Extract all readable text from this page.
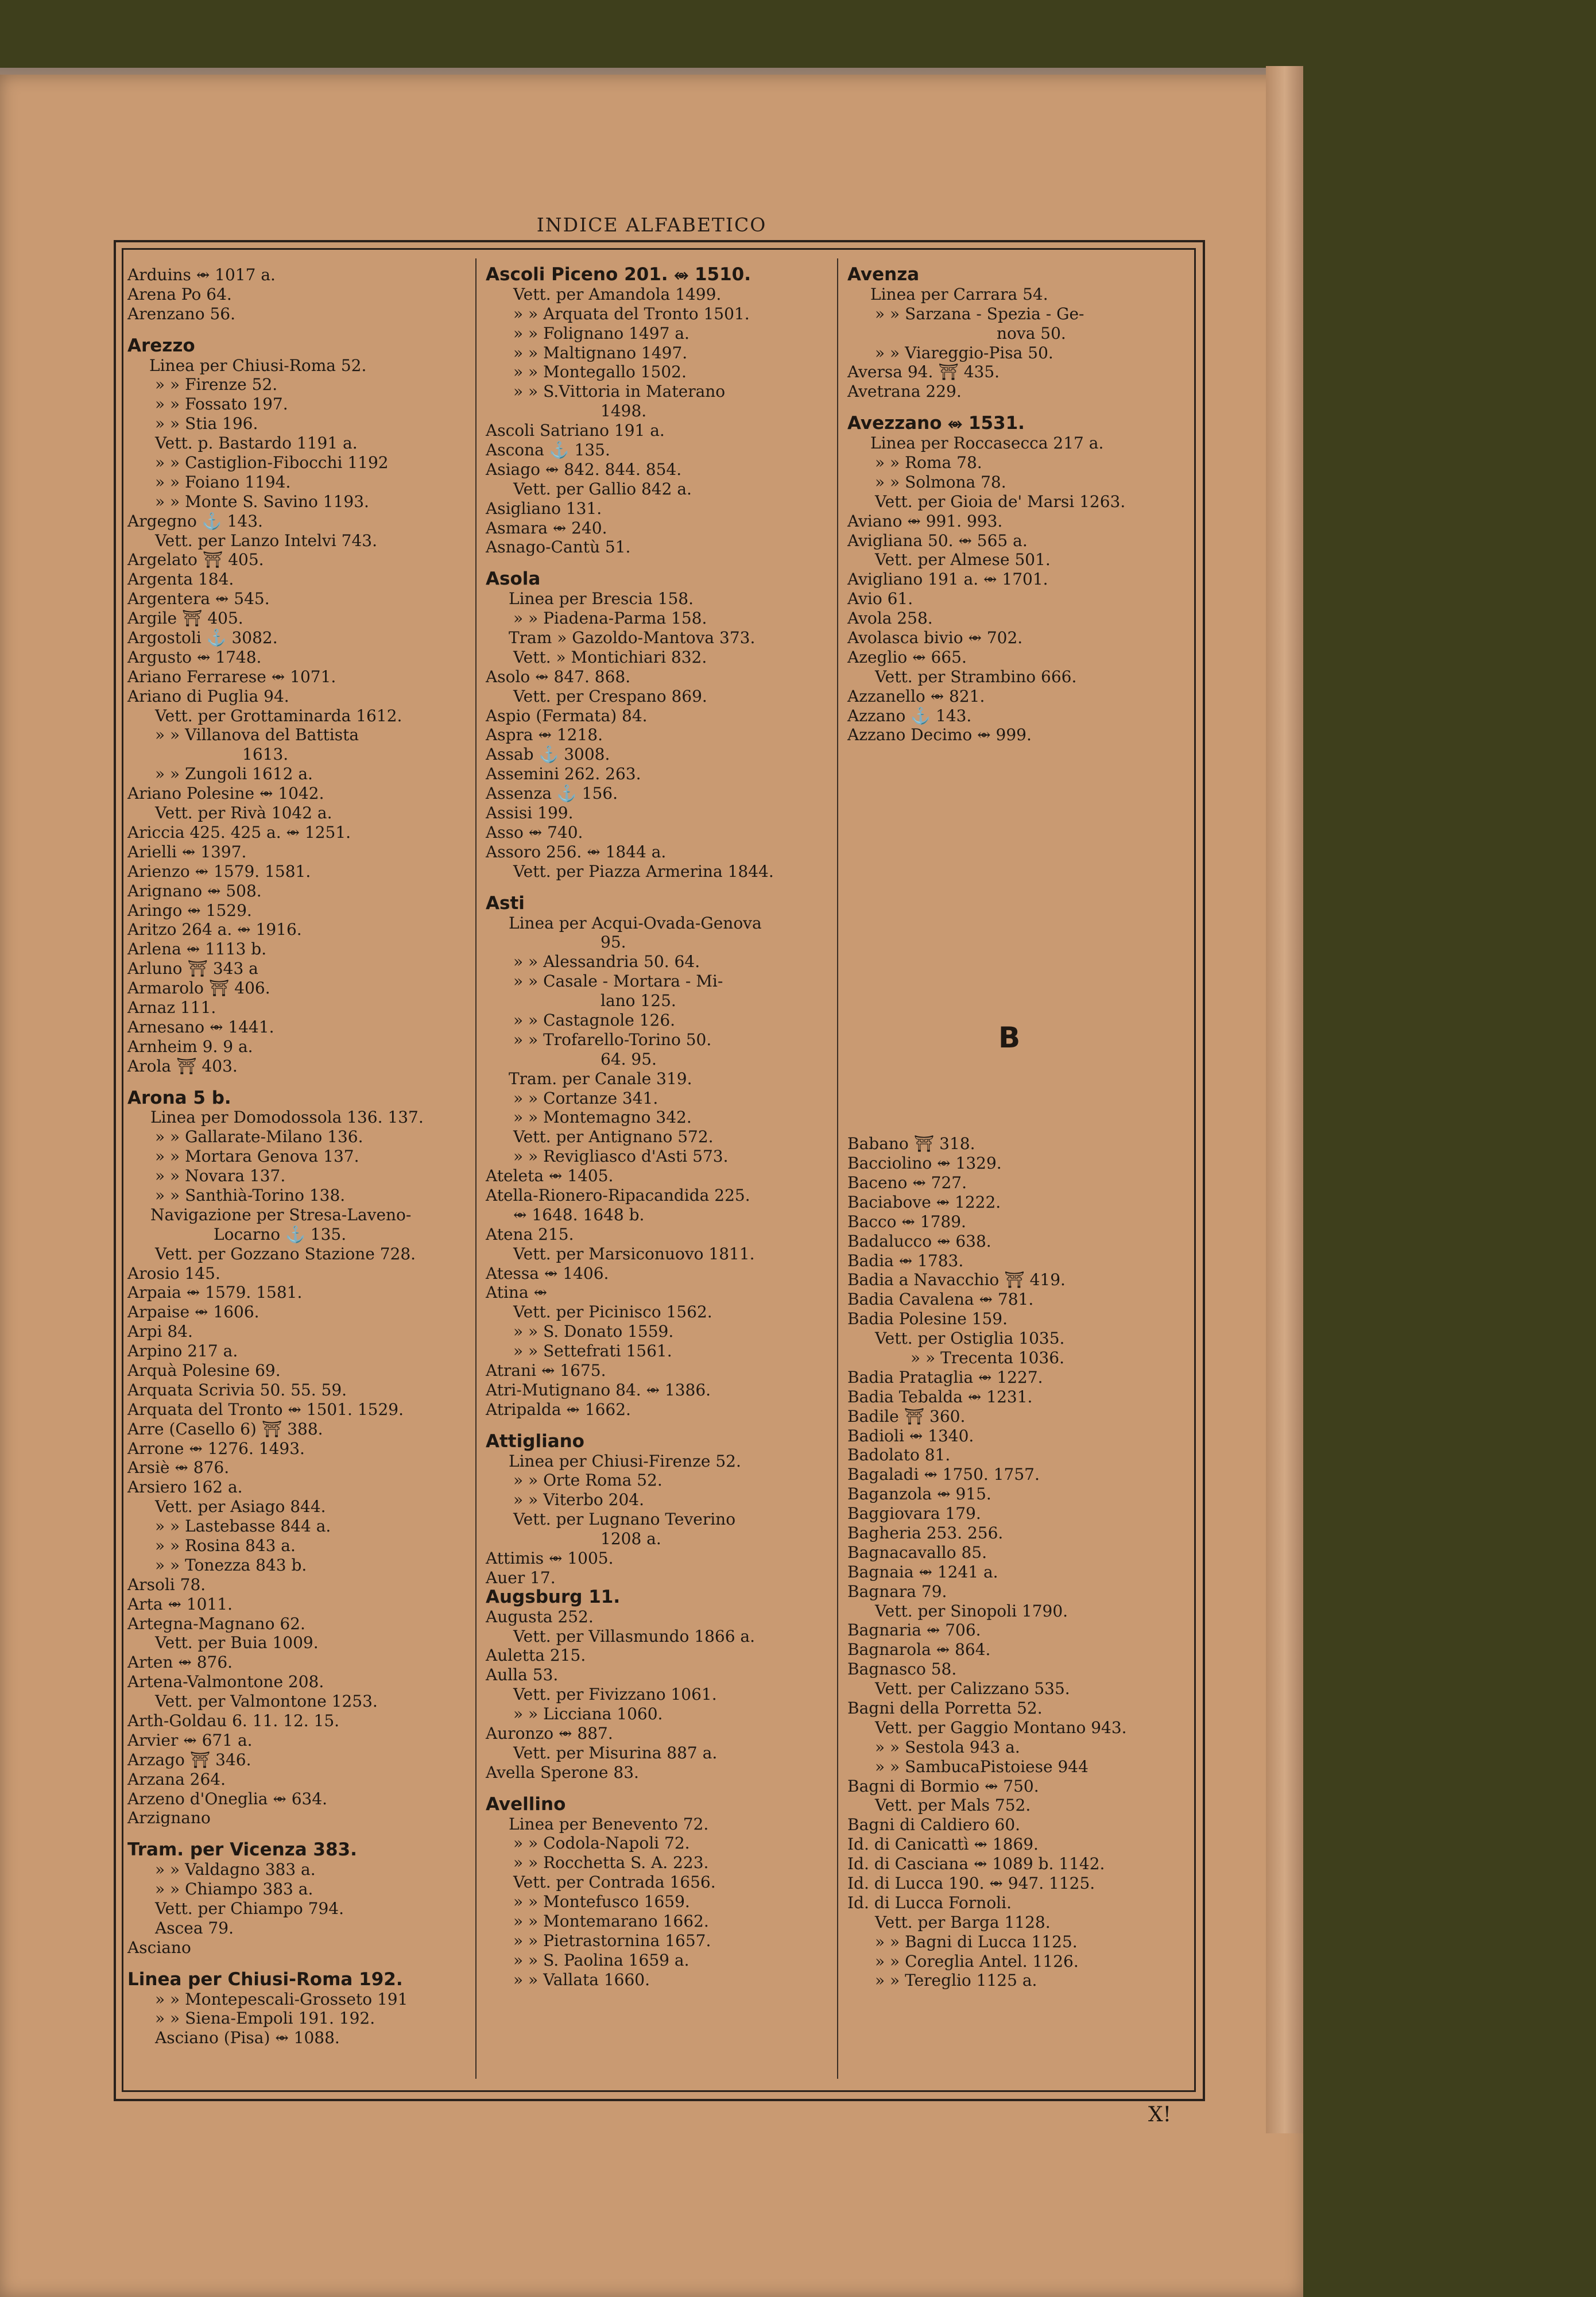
INDICE ALFABETICO
Arduins ⥈ 1017 a.
Arena Po 64.
Arenzano 56.
Arezzo
Linea per Chiusi-Roma 52.
» » Firenze 52.
» » Fossato 197.
» » Stia 196.
Vett. p. Bastardo 1191 a.
» » Castiglion-Fibocchi 1192
» » Foiano 1194.
» » Monte S. Savino 1193.
Argegno ⚓ 143.
Vett. per Lanzo Intelvi 743.
Argelato ⛩ 405.
Argenta 184.
Argentera ⥈ 545.
Argile ⛩ 405.
Argostoli ⚓ 3082.
Argusto ⥈ 1748.
Ariano Ferrarese ⥈ 1071.
Ariano di Puglia 94.
Vett. per Grottaminarda 1612.
» » Villanova del Battista
1613.
» » Zungoli 1612 a.
Ariano Polesine ⥈ 1042.
Vett. per Rivà 1042 a.
Ariccia 425. 425 a. ⥈ 1251.
Arielli ⥈ 1397.
Arienzo ⥈ 1579. 1581.
Arignano ⥈ 508.
Aringo ⥈ 1529.
Aritzo 264 a. ⥈ 1916.
Arlena ⥈ 1113 b.
Arluno ⛩ 343 a
Armarolo ⛩ 406.
Arnaz 111.
Arnesano ⥈ 1441.
Arnheim 9. 9 a.
Arola ⛩ 403.
Arona 5 b.
Linea per Domodossola 136. 137.
» » Gallarate-Milano 136.
» » Mortara Genova 137.
» » Novara 137.
» » Santhià-Torino 138.
Navigazione per Stresa-Laveno-
Locarno ⚓ 135.
Vett. per Gozzano Stazione 728.
Arosio 145.
Arpaia ⥈ 1579. 1581.
Arpaise ⥈ 1606.
Arpi 84.
Arpino 217 a.
Arquà Polesine 69.
Arquata Scrivia 50. 55. 59.
Arquata del Tronto ⥈ 1501. 1529.
Arre (Casello 6) ⛩ 388.
Arrone ⥈ 1276. 1493.
Arsiè ⥈ 876.
Arsiero 162 a.
Vett. per Asiago 844.
» » Lastebasse 844 a.
» » Rosina 843 a.
» » Tonezza 843 b.
Arsoli 78.
Arta ⥈ 1011.
Artegna-Magnano 62.
Vett. per Buia 1009.
Arten ⥈ 876.
Artena-Valmontone 208.
Vett. per Valmontone 1253.
Arth-Goldau 6. 11. 12. 15.
Arvier ⥈ 671 a.
Arzago ⛩ 346.
Arzana 264.
Arzeno d'Oneglia ⥈ 634.
Arzignano
Tram. per Vicenza 383.
» » Valdagno 383 a.
» » Chiampo 383 a.
Vett. per Chiampo 794.
Ascea 79.
Asciano
Linea per Chiusi-Roma 192.
» » Montepescali-Grosseto 191
» » Siena-Empoli 191. 192.
Asciano (Pisa) ⥈ 1088.
Ascoli Piceno 201. ⥈ 1510.
Vett. per Amandola 1499.
» » Arquata del Tronto 1501.
» » Folignano 1497 a.
» » Maltignano 1497.
» » Montegallo 1502.
» » S.Vittoria in Materano
1498.
Ascoli Satriano 191 a.
Ascona ⚓ 135.
Asiago ⥈ 842. 844. 854.
Vett. per Gallio 842 a.
Asigliano 131.
Asmara ⥈ 240.
Asnago-Cantù 51.
Asola
Linea per Brescia 158.
» » Piadena-Parma 158.
Tram » Gazoldo-Mantova 373.
Vett. » Montichiari 832.
Asolo ⥈ 847. 868.
Vett. per Crespano 869.
Aspio (Fermata) 84.
Aspra ⥈ 1218.
Assab ⚓ 3008.
Assemini 262. 263.
Assenza ⚓ 156.
Assisi 199.
Asso ⥈ 740.
Assoro 256. ⥈ 1844 a.
Vett. per Piazza Armerina 1844.
Asti
Linea per Acqui-Ovada-Genova
95.
» » Alessandria 50. 64.
» » Casale - Mortara - Mi-
lano 125.
» » Castagnole 126.
» » Trofarello-Torino 50.
64. 95.
Tram. per Canale 319.
» » Cortanze 341.
» » Montemagno 342.
Vett. per Antignano 572.
» » Revigliasco d'Asti 573.
Ateleta ⥈ 1405.
Atella-Rionero-Ripacandida 225.
⥈ 1648. 1648 b.
Atena 215.
Vett. per Marsiconuovo 1811.
Atessa ⥈ 1406.
Atina ⥈
Vett. per Picinisco 1562.
» » S. Donato 1559.
» » Settefrati 1561.
Atrani ⥈ 1675.
Atri-Mutignano 84. ⥈ 1386.
Atripalda ⥈ 1662.
Attigliano
Linea per Chiusi-Firenze 52.
» » Orte Roma 52.
» » Viterbo 204.
Vett. per Lugnano Teverino
1208 a.
Attimis ⥈ 1005.
Auer 17.
Augsburg 11.
Augusta 252.
Vett. per Villasmundo 1866 a.
Auletta 215.
Aulla 53.
Vett. per Fivizzano 1061.
» » Licciana 1060.
Auronzo ⥈ 887.
Vett. per Misurina 887 a.
Avella Sperone 83.
Avellino
Linea per Benevento 72.
» » Codola-Napoli 72.
» » Rocchetta S. A. 223.
Vett. per Contrada 1656.
» » Montefusco 1659.
» » Montemarano 1662.
» » Pietrastornina 1657.
» » S. Paolina 1659 a.
» » Vallata 1660.
Avenza
Linea per Carrara 54.
» » Sarzana - Spezia - Ge-
nova 50.
» » Viareggio-Pisa 50.
Aversa 94. ⛩ 435.
Avetrana 229.
Avezzano ⥈ 1531.
Linea per Roccasecca 217 a.
» » Roma 78.
» » Solmona 78.
Vett. per Gioia de' Marsi 1263.
Aviano ⥈ 991. 993.
Avigliana 50. ⥈ 565 a.
Vett. per Almese 501.
Avigliano 191 a. ⥈ 1701.
Avio 61.
Avola 258.
Avolasca bivio ⥈ 702.
Azeglio ⥈ 665.
Vett. per Strambino 666.
Azzanello ⥈ 821.
Azzano ⚓ 143.
Azzano Decimo ⥈ 999.
Babano ⛩ 318.
Bacciolino ⥈ 1329.
Baceno ⥈ 727.
Baciabove ⥈ 1222.
Bacco ⥈ 1789.
Badalucco ⥈ 638.
Badia ⥈ 1783.
Badia a Navacchio ⛩ 419.
Badia Cavalena ⥈ 781.
Badia Polesine 159.
Vett. per Ostiglia 1035.
» » Trecenta 1036.
Badia Prataglia ⥈ 1227.
Badia Tebalda ⥈ 1231.
Badile ⛩ 360.
Badioli ⥈ 1340.
Badolato 81.
Bagaladi ⥈ 1750. 1757.
Baganzola ⥈ 915.
Baggiovara 179.
Bagheria 253. 256.
Bagnacavallo 85.
Bagnaia ⥈ 1241 a.
Bagnara 79.
Vett. per Sinopoli 1790.
Bagnaria ⥈ 706.
Bagnarola ⥈ 864.
Bagnasco 58.
Vett. per Calizzano 535.
Bagni della Porretta 52.
Vett. per Gaggio Montano 943.
» » Sestola 943 a.
» » SambucaPistoiese 944
Bagni di Bormio ⥈ 750.
Vett. per Mals 752.
Bagni di Caldiero 60.
Id. di Canicattì ⥈ 1869.
Id. di Casciana ⥈ 1089 b. 1142.
Id. di Lucca 190. ⥈ 947. 1125.
Id. di Lucca Fornoli.
Vett. per Barga 1128.
» » Bagni di Lucca 1125.
» » Coreglia Antel. 1126.
» » Tereglio 1125 a.
B
X!
